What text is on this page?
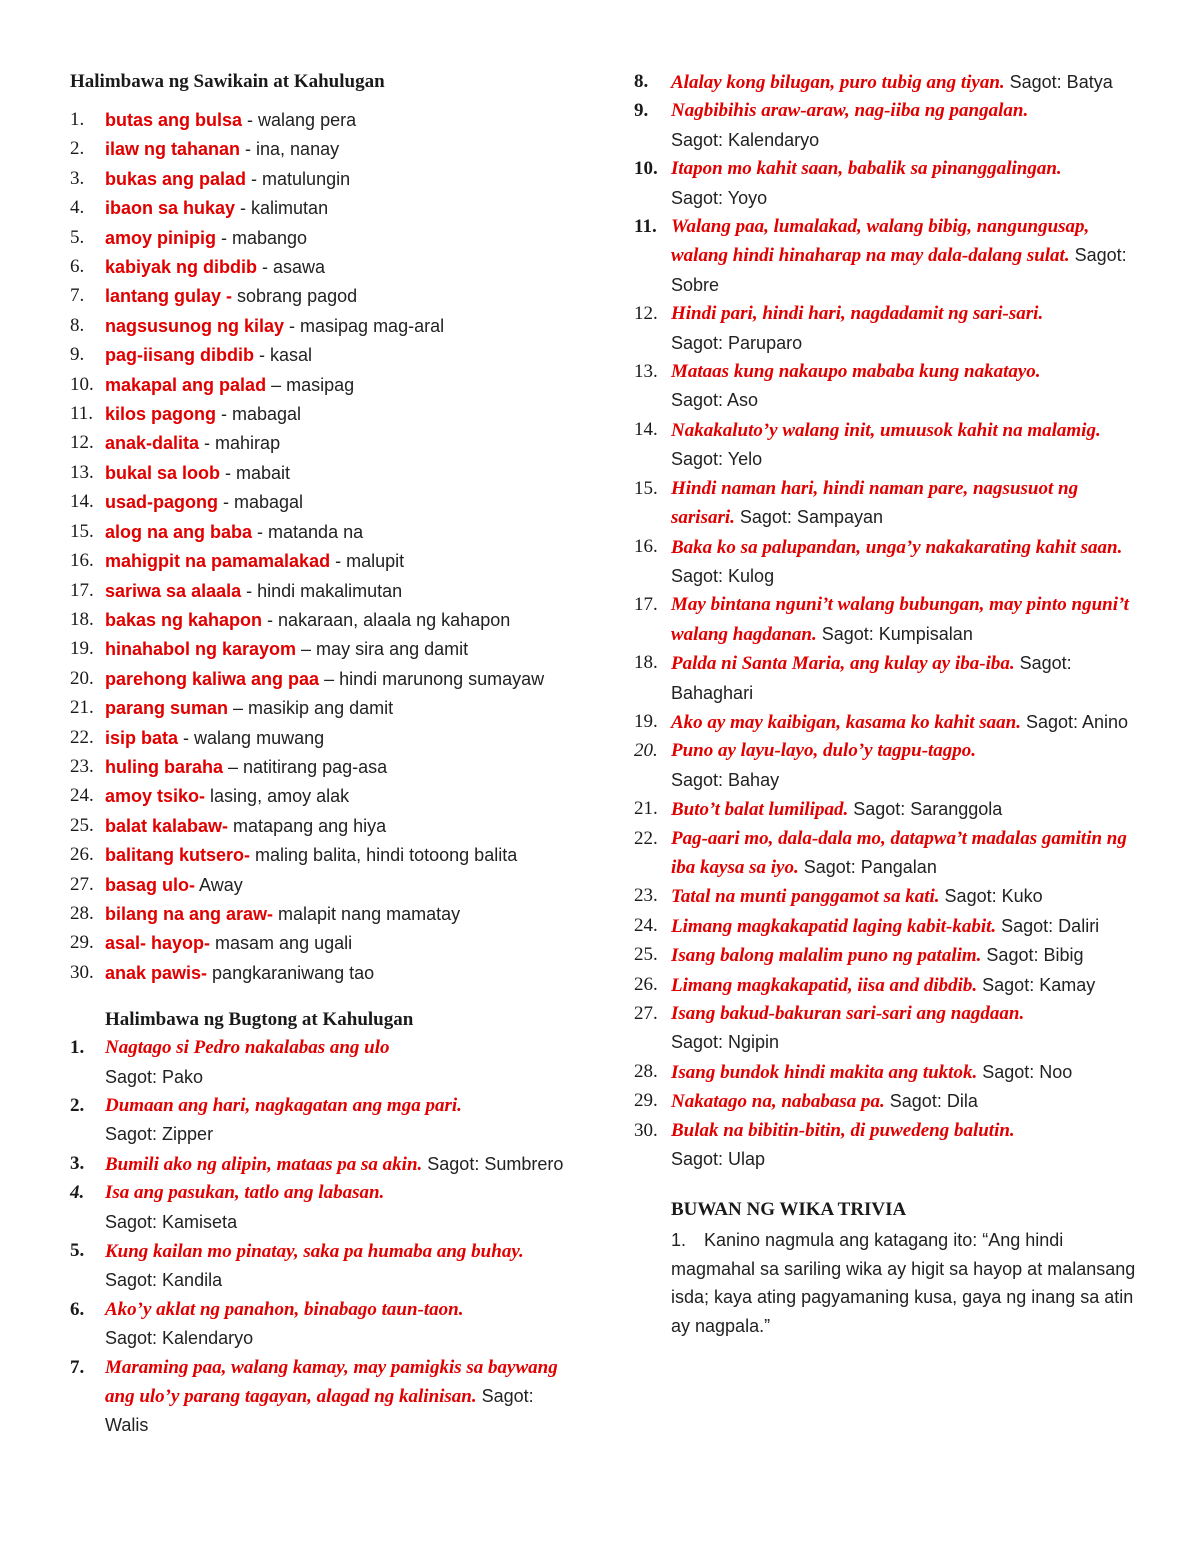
Halimbawa ng Sawikain at Kahulugan
1. butas ang bulsa - walang pera
2. ilaw ng tahanan - ina, nanay
3. bukas ang palad - matulungin
4. ibaon sa hukay - kalimutan
5. amoy pinipig - mabango
6. kabiyak ng dibdib - asawa
7. lantang gulay - sobrang pagod
8. nagsusunog ng kilay - masipag mag-aral
9. pag-iisang dibdib - kasal
10. makapal ang palad – masipag
11. kilos pagong - mabagal
12. anak-dalita - mahirap
13. bukal sa loob - mabait
14. usad-pagong - mabagal
15. alog na ang baba - matanda na
16. mahigpit na pamamalakad - malupit
17. sariwa sa alaala - hindi makalimutan
18. bakas ng kahapon - nakaraan, alaala ng kahapon
19. hinahabol ng karayom – may sira ang damit
20. parehong kaliwa ang paa – hindi marunong sumayaw
21. parang suman – masikip ang damit
22. isip bata - walang muwang
23. huling baraha – natitirang pag-asa
24. amoy tsiko- lasing, amoy alak
25. balat kalabaw- matapang ang hiya
26. balitang kutsero- maling balita, hindi totoong balita
27. basag ulo- Away
28. bilang na ang araw- malapit nang mamatay
29. asal- hayop- masam ang ugali
30. anak pawis- pangkaraniwang tao
Halimbawa ng Bugtong at Kahulugan
1. Nagtago si Pedro nakalabas ang ulo
Sagot: Pako
2. Dumaan ang hari, nagkagatan ang mga pari.
Sagot: Zipper
3. Bumili ako ng alipin, mataas pa sa akin. Sagot: Sumbrero
4. Isa ang pasukan, tatlo ang labasan.
Sagot: Kamiseta
5. Kung kailan mo pinatay, saka pa humaba ang buhay. Sagot: Kandila
6. Ako’y aklat ng panahon, binabago taun-taon.
Sagot: Kalendaryo
7. Maraming paa, walang kamay, may pamigkis sa baywang ang ulo’y parang tagayan, alagad ng kalinisan. Sagot: Walis
8. Alalay kong bilugan, puro tubig ang tiyan. Sagot: Batya
9. Nagbibihis araw-araw, nag-iiba ng pangalan.
Sagot: Kalendaryo
10. Itapon mo kahit saan, babalik sa pinanggalingan.
Sagot: Yoyo
11. Walang paa, lumalakad, walang bibig, nangungusap, walang hindi hinaharap na may dala-dalang sulat. Sagot: Sobre
12. Hindi pari, hindi hari, nagdadamit ng sari-sari.
Sagot: Paruparo
13. Mataas kung nakaupo mababa kung nakatayo.
Sagot: Aso
14. Nakakaluto’y walang init, umuusok kahit na malamig. Sagot: Yelo
15. Hindi naman hari, hindi naman pare, nagsusuot ng sarisari. Sagot: Sampayan
16. Baka ko sa palupandan, unga’y nakakarating kahit saan. Sagot: Kulog
17. May bintana nguni’t walang bubungan, may pinto nguni’t walang hagdanan. Sagot: Kumpisalan
18. Palda ni Santa Maria, ang kulay ay iba-iba. Sagot: Bahaghari
19. Ako ay may kaibigan, kasama ko kahit saan. Sagot: Anino
20. Puno ay layu-layo, dulo’y tagpu-tagpo.
Sagot: Bahay
21. Buto’t balat lumilipad. Sagot: Saranggola
22. Pag-aari mo, dala-dala mo, datapwa’t madalas gamitin ng iba kaysa sa iyo. Sagot: Pangalan
23. Tatal na munti panggamot sa kati. Sagot: Kuko
24. Limang magkakapatid laging kabit-kabit. Sagot: Daliri
25. Isang balong malalim puno ng patalim. Sagot: Bibig
26. Limang magkakapatid, iisa and dibdib. Sagot: Kamay
27. Isang bakud-bakuran sari-sari ang nagdaan.
Sagot: Ngipin
28. Isang bundok hindi makita ang tuktok. Sagot: Noo
29. Nakatago na, nababasa pa. Sagot: Dila
30. Bulak na bibitin-bitin, di puwedeng balutin.
Sagot: Ulap
BUWAN NG WIKA TRIVIA
1. Kanino nagmula ang katagang ito: “Ang hindi magmahal sa sariling wika ay higit sa hayop at malansang isda; kaya ating pagyamaning kusa, gaya ng inang sa atin ay nagpala.”
